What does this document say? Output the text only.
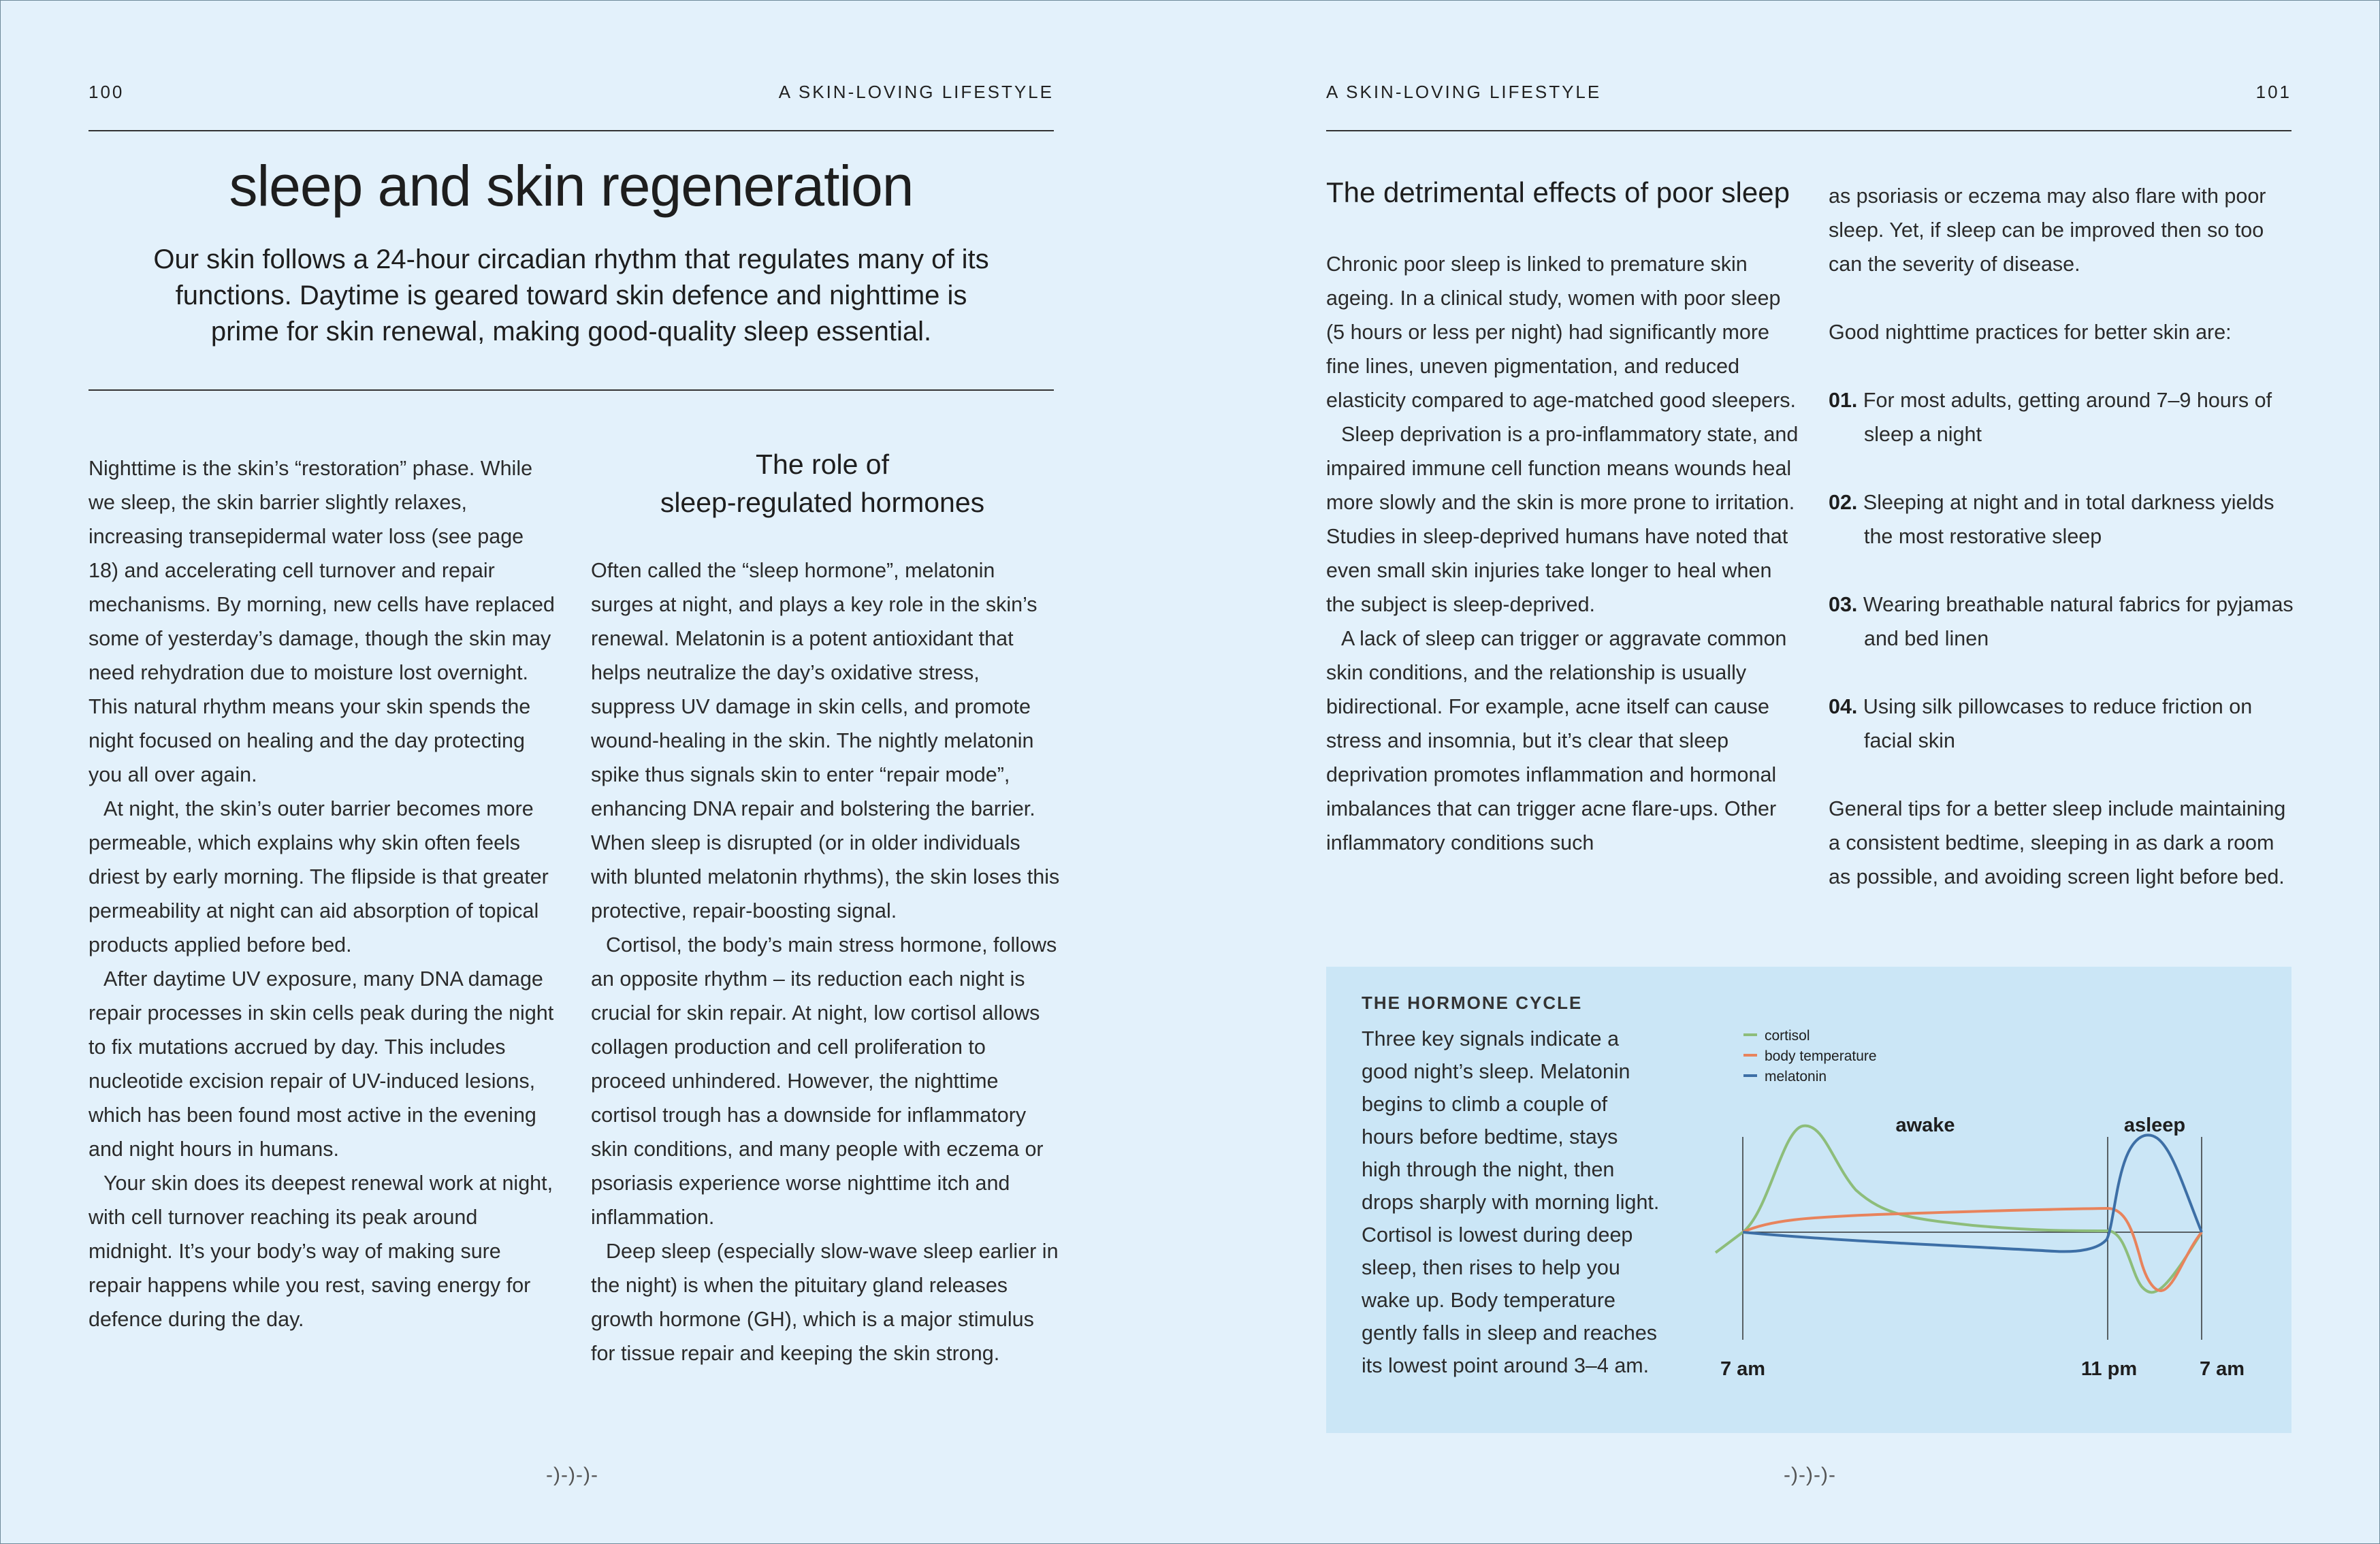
100	A SKIN-LOVING LIFESTYLE
sleep and skin regeneration
Our skin follows a 24-hour circadian rhythm that regulates many of its functions. Daytime is geared toward skin defence and nighttime is prime for skin renewal, making good-quality sleep essential.

Nighttime is the skin’s “restoration” phase. While we sleep, the skin barrier slightly relaxes, increasing transepidermal water loss (see page 18) and accelerating cell turnover and repair mechanisms. By morning, new cells have replaced some of yesterday’s damage, though the skin may need rehydration due to moisture lost overnight. This natural rhythm means your skin spends the night focused on healing and the day protecting you all over again.

At night, the skin’s outer barrier becomes more permeable, which explains why skin often feels driest by early morning. The flipside is that greater permeability at night can aid absorption of topical products applied before bed.

After daytime UV exposure, many DNA damage repair processes in skin cells peak during the night to fix mutations accrued by day. This includes nucleotide excision repair of UV-induced lesions, which has been found most active in the evening and night hours in humans.

Your skin does its deepest renewal work at night, with cell turnover reaching its peak around midnight. It’s your body’s way of making sure repair happens while you rest, saving energy for defence during the day.

The role of
sleep-regulated hormones

Often called the “sleep hormone”, melatonin surges at night, and plays a key role in the skin’s renewal. Melatonin is a potent antioxidant that helps neutralize the day’s oxidative stress, suppress UV damage in skin cells, and promote wound-healing in the skin. The nightly melatonin spike thus signals skin to enter “repair mode”, enhancing DNA repair and bolstering the barrier. When sleep is disrupted (or in older individuals with blunted melatonin rhythms), the skin loses this protective, repair-boosting signal.

Cortisol, the body’s main stress hormone, follows an opposite rhythm – its reduction each night is crucial for skin repair. At night, low cortisol allows collagen production and cell proliferation to proceed unhindered. However, the nighttime cortisol trough has a downside for inflammatory skin conditions, and many people with eczema or psoriasis experience worse nighttime itch and inflammation.

Deep sleep (especially slow-wave sleep earlier in the night) is when the pituitary gland releases growth hormone (GH), which is a major stimulus for tissue repair and keeping the skin strong.

-)-)-)-
A SKIN-LOVING LIFESTYLE	101
The detrimental effects of poor sleep

Chronic poor sleep is linked to premature skin ageing. In a clinical study, women with poor sleep (5 hours or less per night) had significantly more fine lines, uneven pigmentation, and reduced elasticity compared to age-matched good sleepers.

Sleep deprivation is a pro-inflammatory state, and impaired immune cell function means wounds heal more slowly and the skin is more prone to irritation. Studies in sleep-deprived humans have noted that even small skin injuries take longer to heal when the subject is sleep-deprived.

A lack of sleep can trigger or aggravate common skin conditions, and the relationship is usually bidirectional. For example, acne itself can cause stress and insomnia, but it’s clear that sleep deprivation promotes inflammation and hormonal imbalances that can trigger acne flare-ups. Other inflammatory conditions such

as psoriasis or eczema may also flare with poor sleep. Yet, if sleep can be improved then so too can the severity of disease.

Good nighttime practices for better skin are:

01. For most adults, getting around 7–9 hours of sleep a night

02. Sleeping at night and in total darkness yields the most restorative sleep

03. Wearing breathable natural fabrics for pyjamas and bed linen

04. Using silk pillowcases to reduce friction on facial skin

General tips for a better sleep include maintaining a consistent bedtime, sleeping in as dark a room as possible, and avoiding screen light before bed.

THE HORMONE CYCLE
Three key signals indicate a good night’s sleep. Melatonin begins to climb a couple of hours before bedtime, stays high through the night, then drops sharply with morning light. Cortisol is lowest during deep sleep, then rises to help you wake up. Body temperature gently falls in sleep and reaches its lowest point around 3–4 am.
cortisol
body temperature
melatonin
awake	asleep
7 am	11 pm	7 am
-)-)-)-
